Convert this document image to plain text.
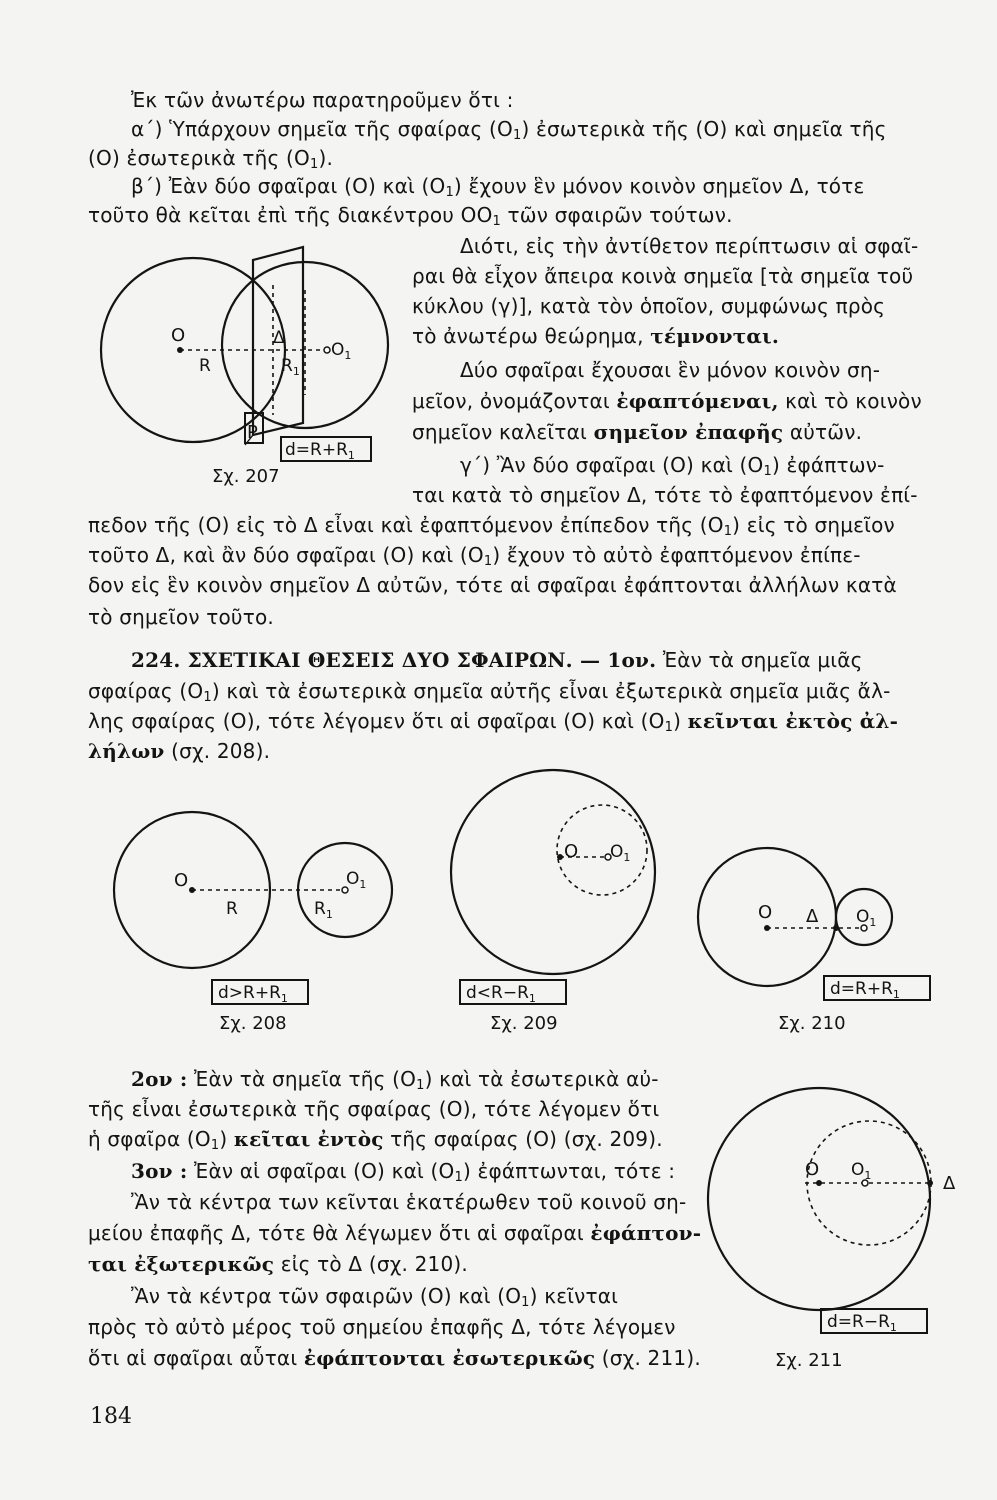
Ἐκ τῶν ἀνωτέρω παρατηροῦμεν ὅτι :
α΄) Ὑπάρχουν σημεῖα τῆς σφαίρας $(O_1)$ ἐσωτερικὰ τῆς (O) καὶ σημεῖα τῆς
(O) ἐσωτερικὰ τῆς $(O_1)$.
β΄) Ἐὰν δύο σφαῖραι (O) καὶ $(O_1)$ ἔχουν ἓν μόνον κοινὸν σημεῖον Δ, τότε
τοῦτο θὰ κεῖται ἐπὶ τῆς διακέντρου $OO_1$ τῶν σφαιρῶν τούτων.
Διότι, εἰς τὴν ἀντίθετον περίπτωσιν αἱ σφαῖ-
ραι θὰ εἶχον ἄπειρα κοινὰ σημεῖα [τὰ σημεῖα τοῦ
κύκλου (γ)], κατὰ τὸν ὁποῖον, συμφώνως πρὸς
τὸ ἀνωτέρω θεώρημα, τέμνονται.
Δύο σφαῖραι ἔχουσαι ἓν μόνον κοινὸν ση-
μεῖον, ὀνομάζονται ἐφαπτόμεναι, καὶ τὸ κοινὸν
σημεῖον καλεῖται σημεῖον ἐπαφῆς αὐτῶν.
γ΄) Ἂν δύο σφαῖραι (O) καὶ $(O_1)$ ἐφάπτων-
ται κατὰ τὸ σημεῖον Δ, τότε τὸ ἐφαπτόμενον ἐπί-
O
$O_1$
Δ
R	$R_1$
P
$d=R+R_1$
Σχ. 207
πεδον τῆς (O) εἰς τὸ Δ εἶναι καὶ ἐφαπτόμενον ἐπίπεδον τῆς $(O_1)$ εἰς τὸ σημεῖον
τοῦτο Δ, καὶ ἂν δύο σφαῖραι (O) καὶ $(O_1)$ ἔχουν τὸ αὐτὸ ἐφαπτόμενον ἐπίπε-
δον εἰς ἓν κοινὸν σημεῖον Δ αὐτῶν, τότε αἱ σφαῖραι ἐφάπτονται ἀλλήλων κατὰ
τὸ σημεῖον τοῦτο.
224. ΣΧΕΤΙΚΑΙ ΘΕΣΕΙΣ ΔΥΟ ΣΦΑΙΡΩΝ. — 1ον. Ἐὰν τὰ σημεῖα μιᾶς
σφαίρας $(O_1)$ καὶ τὰ ἐσωτερικὰ σημεῖα αὐτῆς εἶναι ἐξωτερικὰ σημεῖα μιᾶς ἄλ-
λης σφαίρας (O), τότε λέγομεν ὅτι αἱ σφαῖραι (O) καὶ $(O_1)$ κεῖνται ἐκτὸς ἀλ-
λήλων (σχ. 208).
O	$O_1$
R	$R_1$
$d>R+R_1$
Σχ. 208
O $O_1$
$d<R-R_1$
Σχ. 209
O Δ $O_1$
$d=R+R_1$
Σχ. 210
2ον : Ἐὰν τὰ σημεῖα τῆς $(O_1)$ καὶ τὰ ἐσωτερικὰ αὐ-
τῆς εἶναι ἐσωτερικὰ τῆς σφαίρας (O), τότε λέγομεν ὅτι
ἡ σφαῖρα $(O_1)$ κεῖται ἐντὸς τῆς σφαίρας (O) (σχ. 209).
3ον : Ἐὰν αἱ σφαῖραι (O) καὶ $(O_1)$ ἐφάπτωνται, τότε :
Ἂν τὰ κέντρα των κεῖνται ἑκατέρωθεν τοῦ κοινοῦ ση-
μείου ἐπαφῆς Δ, τότε θὰ λέγωμεν ὅτι αἱ σφαῖραι ἐφάπτον-
ται ἐξωτερικῶς εἰς τὸ Δ (σχ. 210).
Ἂν τὰ κέντρα τῶν σφαιρῶν (O) καὶ $(O_1)$ κεῖνται
πρὸς τὸ αὐτὸ μέρος τοῦ σημείου ἐπαφῆς Δ, τότε λέγομεν
ὅτι αἱ σφαῖραι αὗται ἐφάπτονται ἐσωτερικῶς (σχ. 211).
O $O_1$	Δ
$d=R-R_1$
Σχ. 211
184
